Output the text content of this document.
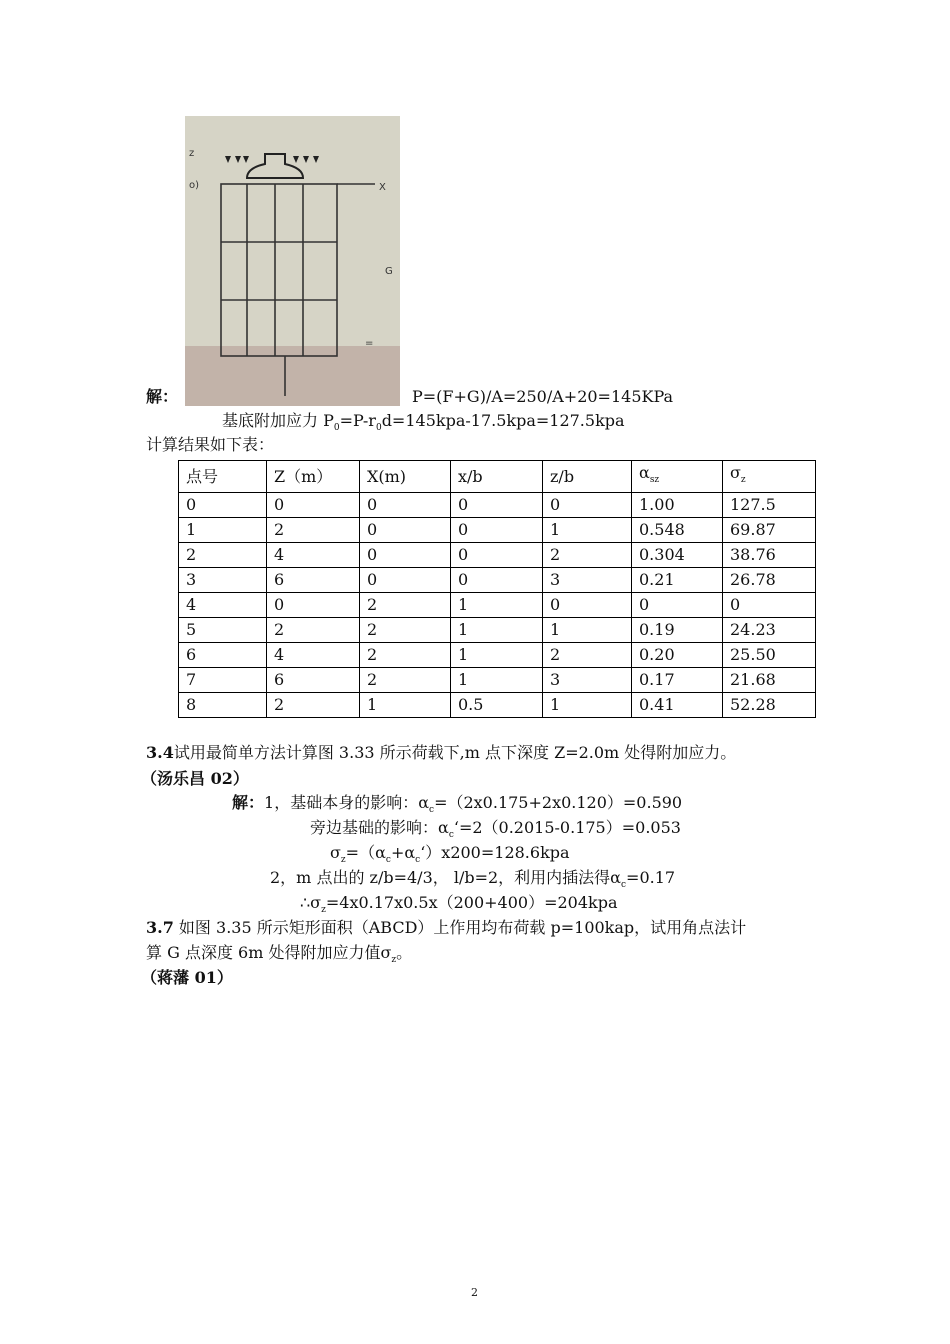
z
o)	X
G
=
解：	P=(F+G)/A=250/A+20=145KPa
基底附加应力 $P_0=P-r_0d=145kpa-17.5kpa=127.5kpa$
计算结果如下表：
点号	Z（m）	X(m)	x/b	z/b	$\alpha_{sz}$	$\sigma_z$
0	0	0	0	0	1.00	127.5
1	2	0	0	1	0.548	69.87
2	4	0	0	2	0.304	38.76
3	6	0	0	3	0.21	26.78
4	0	2	1	0	0	0
5	2	2	1	1	0.19	24.23
6	4	2	1	2	0.20	25.50
7	6	2	1	3	0.17	21.68
8	2	1	0.5	1	0.41	52.28
3.4试用最简单方法计算图 3.33 所示荷载下,m 点下深度 Z=2.0m 处得附加应力。
（汤乐昌 02）
解：1，基础本身的影响：$\alpha_c=(2x0.175+2x0.120)=0.590$
旁边基础的影响：$\alpha_c‘=2(0.2015-0.175)=0.053$
$\sigma_z=(\alpha_c+\alpha_c‘)x200=128.6kpa$
2，m 点出的 z/b=4/3， l/b=2，利用内插法得$\alpha_c=0.17$
$\therefore\sigma_z=4x0.17x0.5x(200+400)=204kpa$
3.7 如图 3.35 所示矩形面积（ABCD）上作用均布荷载 p=100kap，试用角点法计
算 G 点深度 6m 处得附加应力值$\sigma_z$。
（蒋藩 01）
2
